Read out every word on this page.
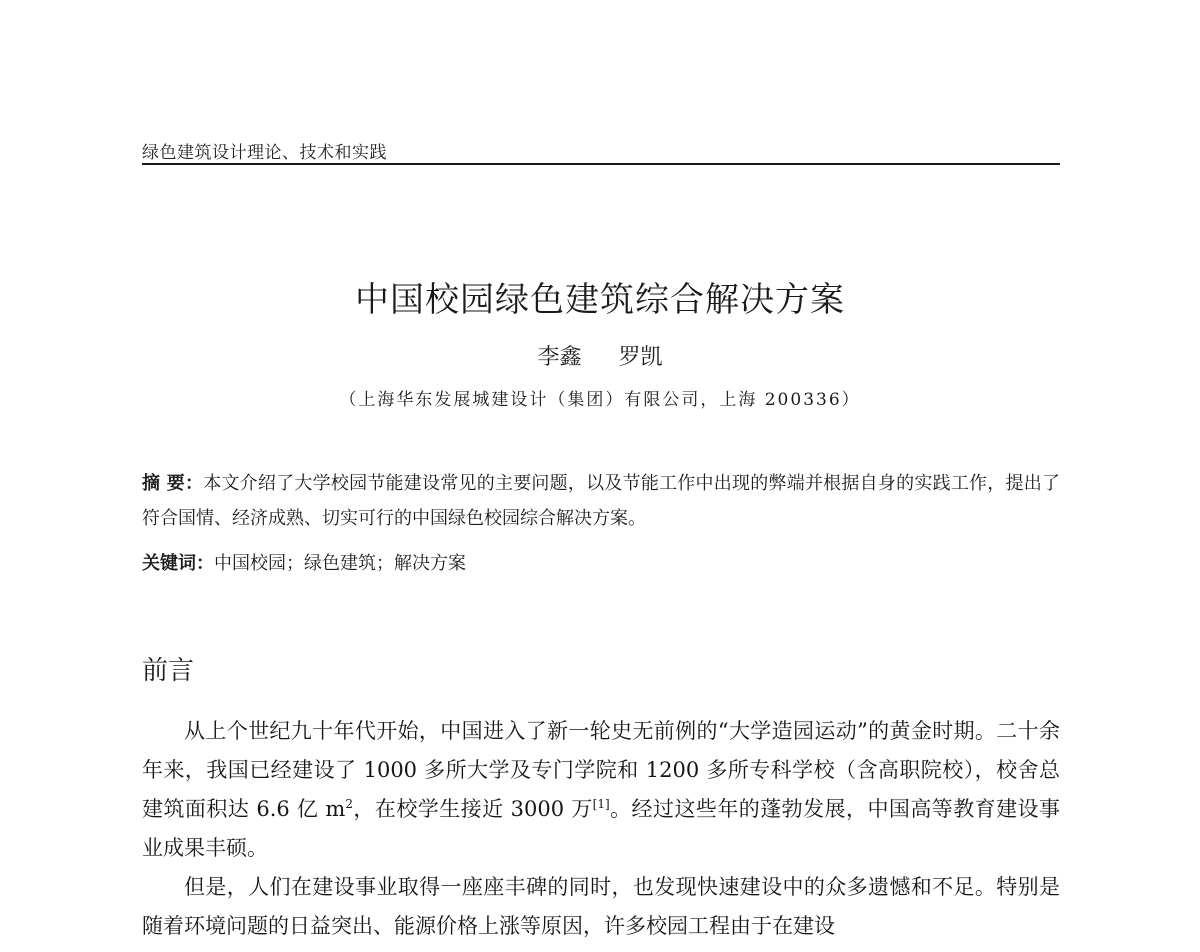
绿色建筑设计理论、技术和实践
中国校园绿色建筑综合解决方案
李鑫 罗凯
（上海华东发展城建设计（集团）有限公司，上海 200336）
摘 要：本文介绍了大学校园节能建设常见的主要问题，以及节能工作中出现的弊端并根据自身的实践工作，提出了符合国情、经济成熟、切实可行的中国绿色校园综合解决方案。
关键词：中国校园；绿色建筑；解决方案
前言

从上个世纪九十年代开始，中国进入了新一轮史无前例的“大学造园运动”的黄金时期。二十余年来，我国已经建设了 1000 多所大学及专门学院和 1200 多所专科学校（含高职院校），校舍总建筑面积达 6.6 亿 $m^2$，在校学生接近 3000 万[1]。经过这些年的蓬勃发展，中国高等教育建设事业成果丰硕。

但是，人们在建设事业取得一座座丰碑的同时，也发现快速建设中的众多遗憾和不足。特别是随着环境问题的日益突出、能源价格上涨等原因，许多校园工程由于在建设
